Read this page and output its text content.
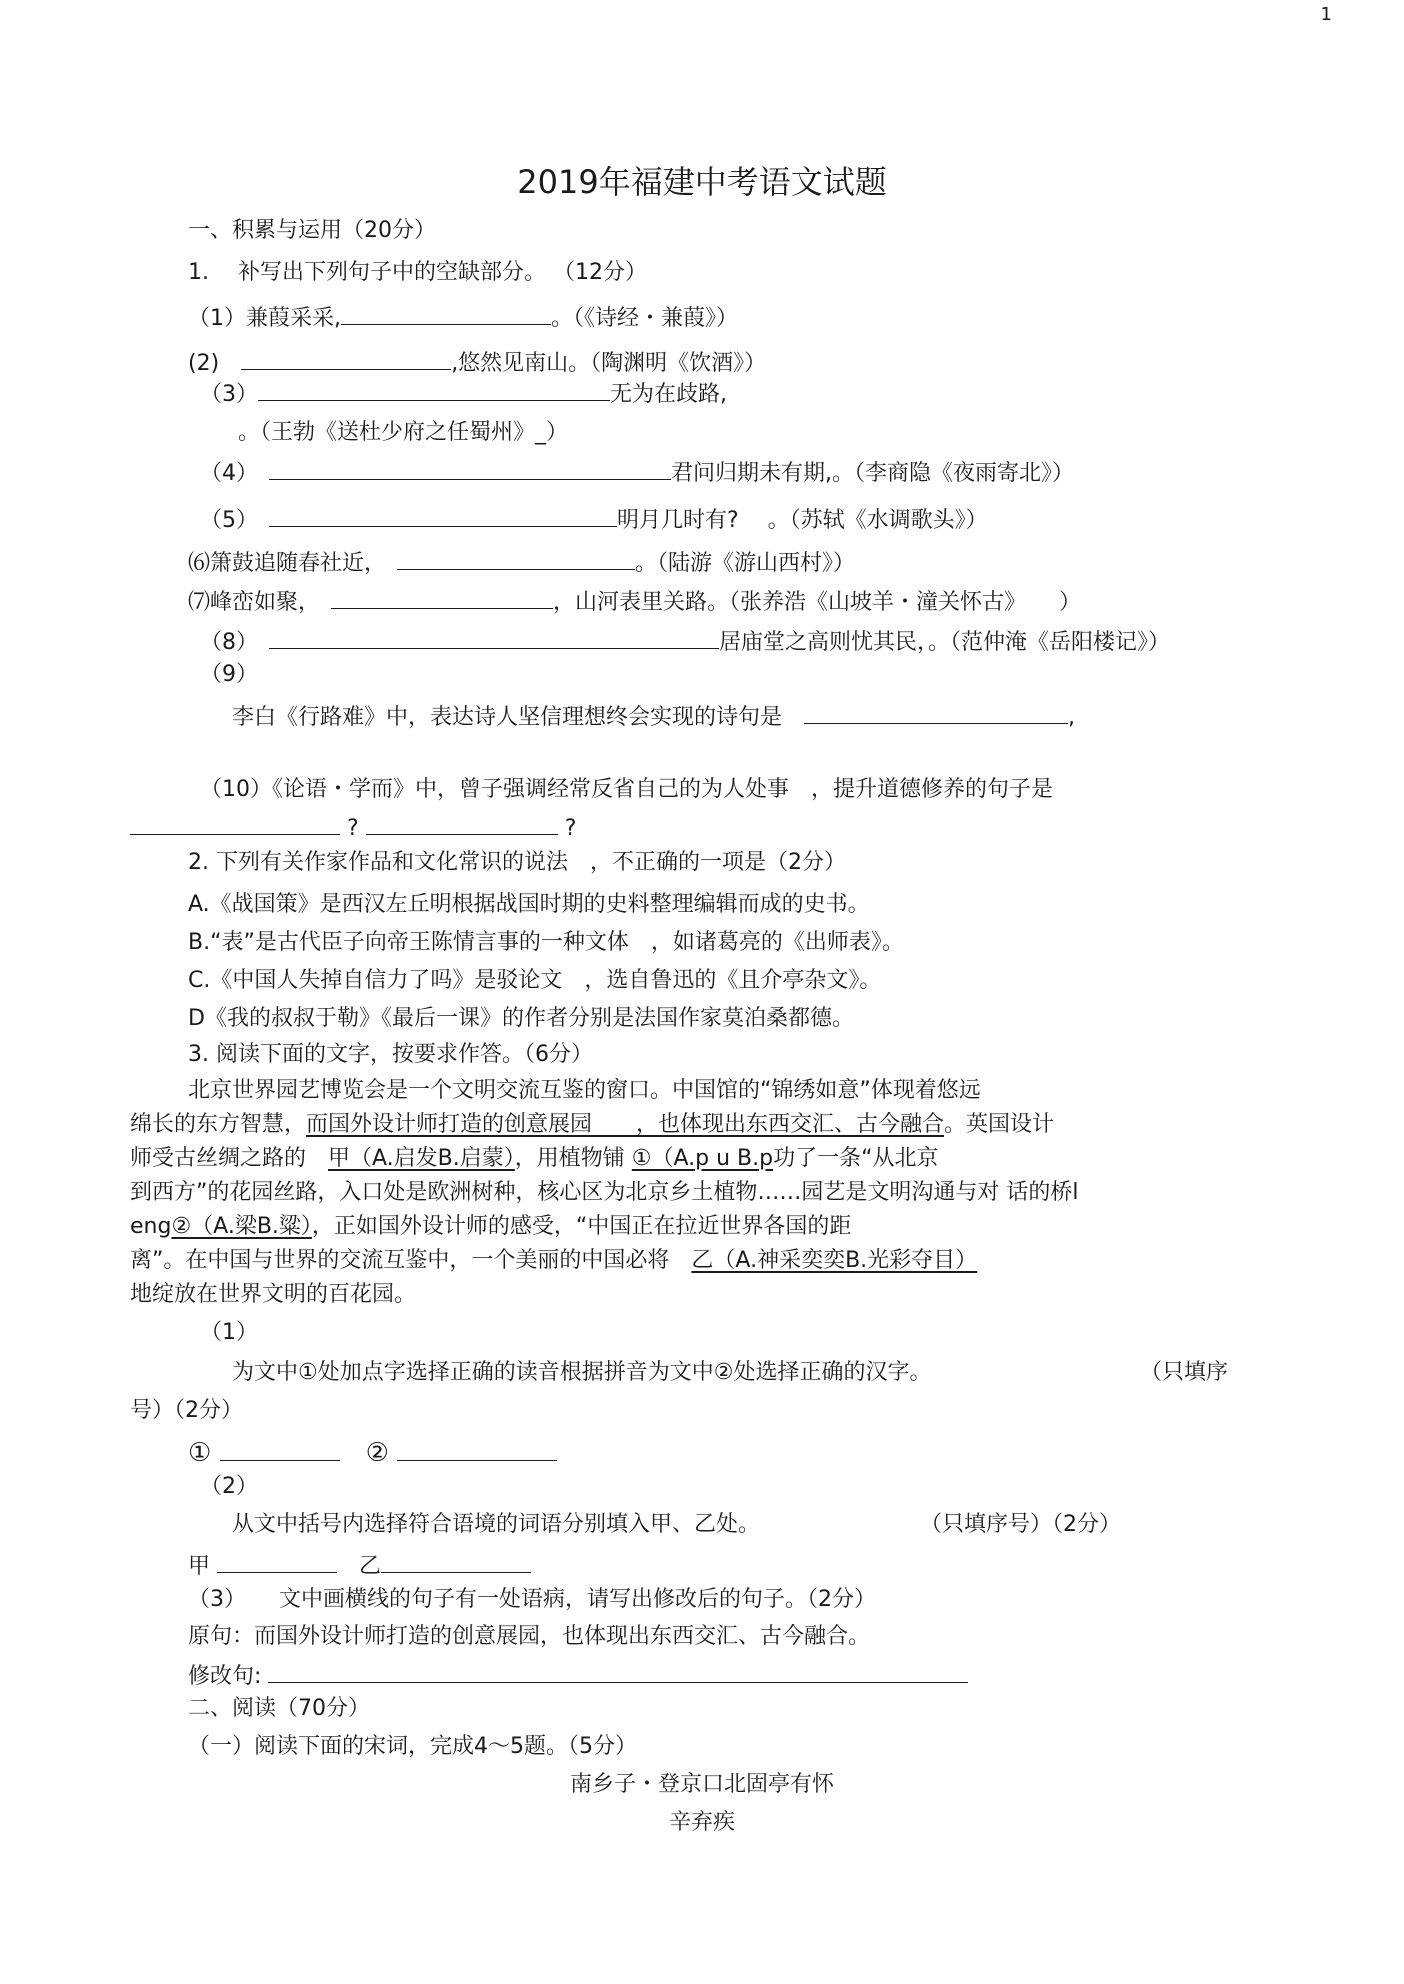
1
2019年福建中考语文试题
一、积累与运用（20分）
1.　 补写出下列句子中的空缺部分。 （12分）
（1）兼葭采采,	。（《诗经・兼葭》）
(2)　	,悠然见南山。（陶渊明《饮酒》）
（3）	无为在歧路,
。（王勃《送杜少府之任蜀州》_）
（4）　	君问归期未有期,。（李商隐《夜雨寄北》）
（5）　	明月几时有?　 。（苏轼《水调歌头》）
⑹箫鼓追随春社近，　	。（陆游《游山西村》）
⑺峰峦如聚，　	，山河表里关路。（张养浩《山坡羊・潼关怀古》　　）
（8）　	居庙堂之高则忧其民，。（范仲淹《岳阳楼记》）
（9）
李白《行路难》中，表达诗人坚信理想终会实现的诗句是　	,
（10）《论语・学而》中，曾子强调经常反省自己的为人处事　，提升道德修养的句子是
?	?
2. 下列有关作家作品和文化常识的说法　，不正确的一项是（2分）
A.《战国策》是西汉左丘明根据战国时期的史料整理编辑而成的史书。
B.“表”是古代臣子向帝王陈情言事的一种文体　，如诸葛亮的《出师表》。
C.《中国人失掉自信力了吗》是驳论文　，选自鲁迅的《且介亭杂文》。
D《我的叔叔于勒》《最后一课》的作者分别是法国作家莫泊桑都德。
3. 阅读下面的文字，按要求作答。（6分）
北京世界园艺博览会是一个文明交流互鉴的窗口。中国馆的“锦绣如意”体现着悠远
绵长的东方智慧，而国外设计师打造的创意展园　　，也体现出东西交汇、古今融合。英国设计
师受古丝绸之路的　甲（A.启发B.启蒙），用植物铺 ①（A.p u B.p功了一条“从北京
到西方”的花园丝路，入口处是欧洲树种，核心区为北京乡土植物……园艺是文明沟通与对 话的桥l
eng②（A.梁B.粱），正如国外设计师的感受，“中国正在拉近世界各国的距
离”。在中国与世界的交流互鉴中，一个美丽的中国必将　 乙（A.神采奕奕B.光彩夺目）
地绽放在世界文明的百花园。
（1）
为文中①处加点字选择正确的读音根据拼音为文中②处选择正确的汉字。	（只填序
号）（2分）
① 　	②
（2）
从文中括号内选择符合语境的词语分别填入甲、乙处。	（只填序号）（2分）
甲 　	乙
（3）　　文中画横线的句子有一处语病，请写出修改后的句子。（2分）
原句：而国外设计师打造的创意展园，也体现出东西交汇、古今融合。
修改句:
二、阅读（70分）
（一）阅读下面的宋词，完成4～5题。（5分）
南乡子・登京口北固亭有怀
辛弃疾
